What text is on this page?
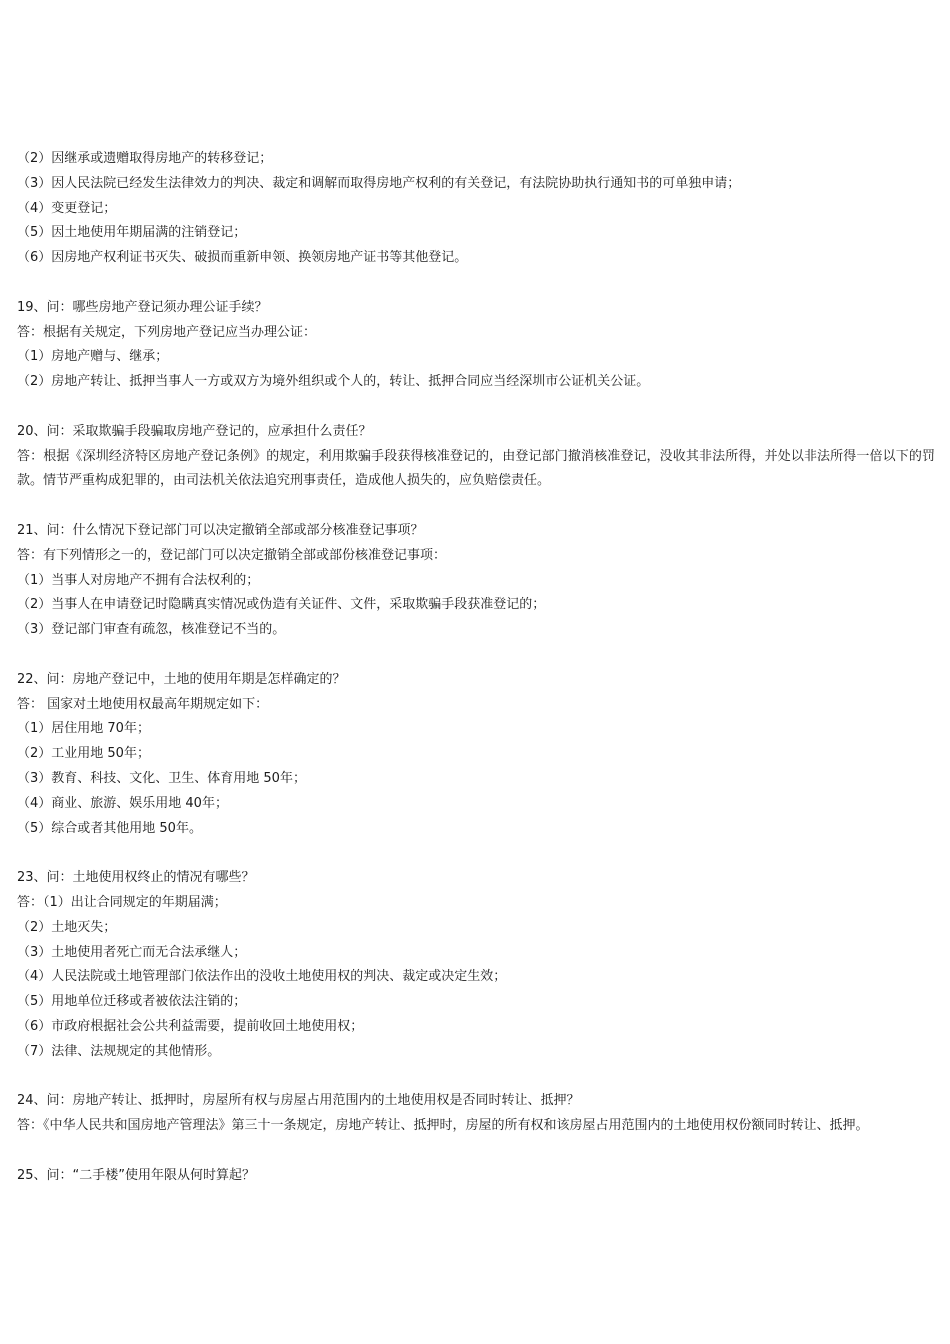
（2）因继承或遗赠取得房地产的转移登记；

（3）因人民法院已经发生法律效力的判决、裁定和调解而取得房地产权利的有关登记，有法院协助执行通知书的可单独申请；

（4）变更登记；

（5）因土地使用年期届满的注销登记；

（6）因房地产权利证书灭失、破损而重新申领、换领房地产证书等其他登记。

19、问：哪些房地产登记须办理公证手续？

答：根据有关规定，下列房地产登记应当办理公证：

（1）房地产赠与、继承；

（2）房地产转让、抵押当事人一方或双方为境外组织或个人的，转让、抵押合同应当经深圳市公证机关公证。

20、问：采取欺骗手段骗取房地产登记的，应承担什么责任？

答：根据《深圳经济特区房地产登记条例》的规定，利用欺骗手段获得核准登记的，由登记部门撤消核准登记，没收其非法所得，并处以非法所得一倍以下的罚款。情节严重构成犯罪的，由司法机关依法追究刑事责任，造成他人损失的，应负赔偿责任。

21、问：什么情况下登记部门可以决定撤销全部或部分核准登记事项？

答：有下列情形之一的，登记部门可以决定撤销全部或部份核准登记事项：

（1）当事人对房地产不拥有合法权利的；

（2）当事人在申请登记时隐瞒真实情况或伪造有关证件、文件，采取欺骗手段获准登记的；

（3）登记部门审查有疏忽，核准登记不当的。

22、问：房地产登记中，土地的使用年期是怎样确定的？

答： 国家对土地使用权最高年期规定如下：

（1）居住用地 70年；

（2）工业用地 50年；

（3）教育、科技、文化、卫生、体育用地 50年；

（4）商业、旅游、娱乐用地 40年；

（5）综合或者其他用地 50年。

23、问：土地使用权终止的情况有哪些？

答：（1）出让合同规定的年期届满；

（2）土地灭失；

（3）土地使用者死亡而无合法承继人；

（4）人民法院或土地管理部门依法作出的没收土地使用权的判决、裁定或决定生效；

（5）用地单位迁移或者被依法注销的；

（6）市政府根据社会公共利益需要，提前收回土地使用权；

（7）法律、法规规定的其他情形。

24、问：房地产转让、抵押时，房屋所有权与房屋占用范围内的土地使用权是否同时转让、抵押？

答：《中华人民共和国房地产管理法》第三十一条规定，房地产转让、抵押时，房屋的所有权和该房屋占用范围内的土地使用权份额同时转让、抵押。

25、问：“二手楼”使用年限从何时算起？
